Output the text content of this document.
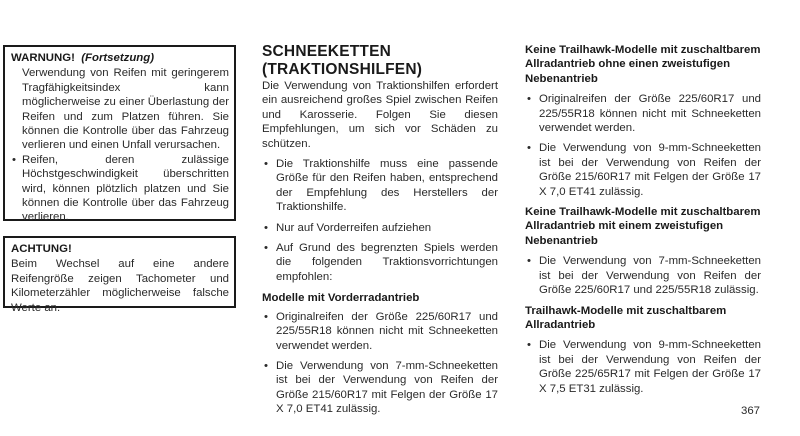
WARNUNG! (Fortsetzung)
Verwendung von Reifen mit geringerem Tragfähigkeitsindex kann möglicherweise zu einer Überlastung der Reifen und zum Platzen führen. Sie können die Kontrolle über das Fahrzeug verlieren und einen Unfall verursachen.
• Reifen, deren zulässige Höchstgeschwindigkeit überschritten wird, können plötzlich platzen und Sie können die Kontrolle über das Fahrzeug verlieren.
ACHTUNG!
Beim Wechsel auf eine andere Reifengröße zeigen Tachometer und Kilometerzähler möglicherweise falsche Werte an.
SCHNEEKETTEN
(TRAKTIONSHILFEN)
Die Verwendung von Traktionshilfen erfordert ein ausreichend großes Spiel zwischen Reifen und Karosserie. Folgen Sie diesen Empfehlungen, um sich vor Schäden zu schützen.
• Die Traktionshilfe muss eine passende Größe für den Reifen haben, entsprechend der Empfehlung des Herstellers der Traktionshilfe.
• Nur auf Vorderreifen aufziehen
• Auf Grund des begrenzten Spiels werden die folgenden Traktionsvorrichtungen empfohlen:
Modelle mit Vorderradantrieb
• Originalreifen der Größe 225/60R17 und 225/55R18 können nicht mit Schneeketten verwendet werden.
• Die Verwendung von 7-mm-Schneeketten ist bei der Verwendung von Reifen der Größe 215/60R17 mit Felgen der Größe 17 X 7,0 ET41 zulässig.
Keine Trailhawk-Modelle mit zuschaltbarem Allradantrieb ohne einen zweistufigen Nebenantrieb
• Originalreifen der Größe 225/60R17 und 225/55R18 können nicht mit Schneeketten verwendet werden.
• Die Verwendung von 9-mm-Schneeketten ist bei der Verwendung von Reifen der Größe 215/60R17 mit Felgen der Größe 17 X 7,0 ET41 zulässig.
Keine Trailhawk-Modelle mit zuschaltbarem Allradantrieb mit einem zweistufigen Nebenantrieb
• Die Verwendung von 7-mm-Schneeketten ist bei der Verwendung von Reifen der Größe 225/60R17 und 225/55R18 zulässig.
Trailhawk-Modelle mit zuschaltbarem Allradantrieb
• Die Verwendung von 9-mm-Schneeketten ist bei der Verwendung von Reifen der Größe 225/65R17 mit Felgen der Größe 17 X 7,5 ET31 zulässig.
367
